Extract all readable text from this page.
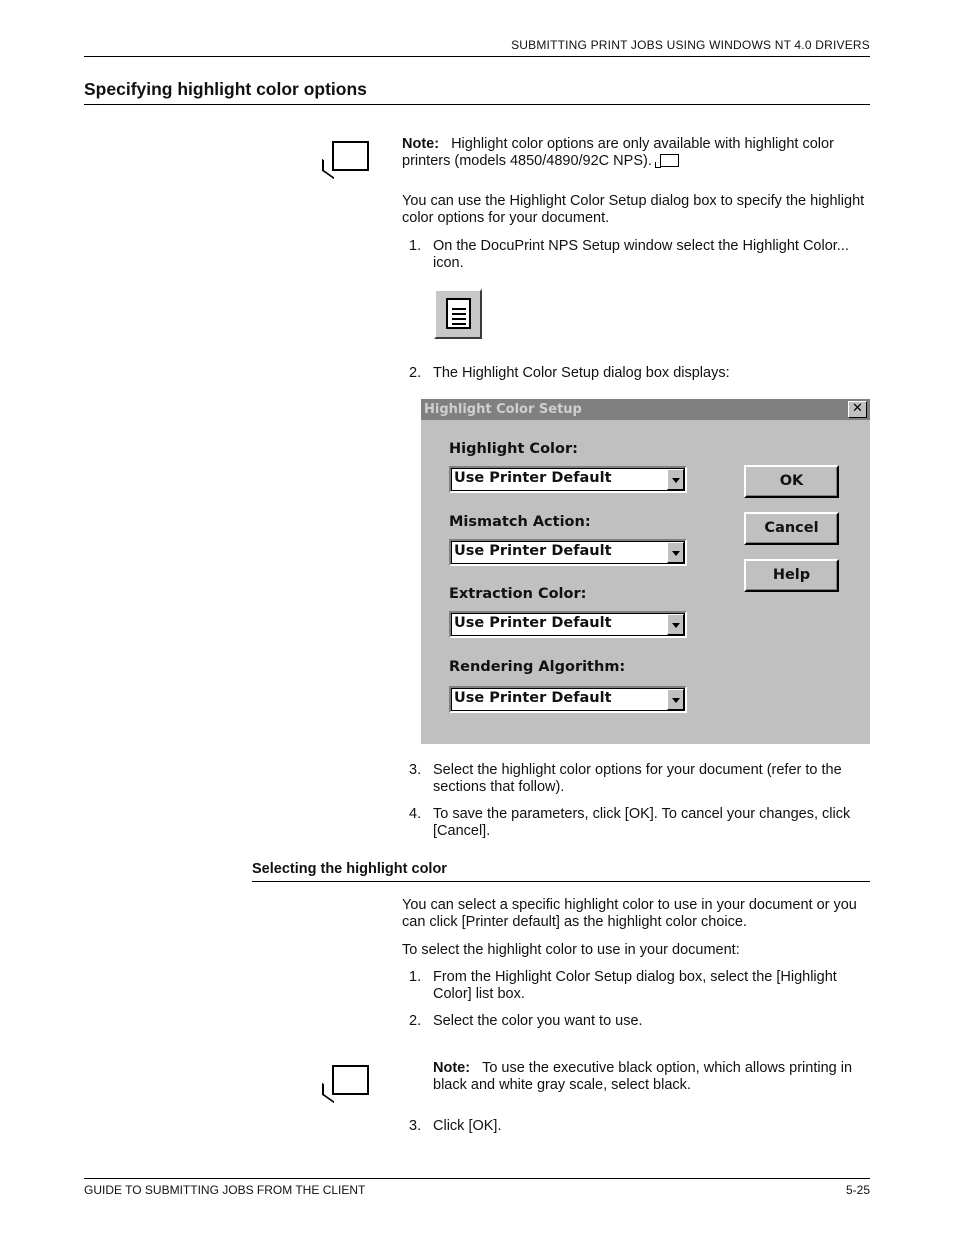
SUBMITTING PRINT JOBS USING WINDOWS NT 4.0 DRIVERS
Specifying highlight color options
Note: Highlight color options are only available with highlight color printers (models 4850/4890/92C NPS).
You can use the Highlight Color Setup dialog box to specify the highlight color options for your document.
1. On the DocuPrint NPS Setup window select the Highlight Color... icon.
2. The Highlight Color Setup dialog box displays:
Highlight Color Setup	✕
Highlight Color:
Use Printer Default
Mismatch Action:
Use Printer Default
Extraction Color:
Use Printer Default
Rendering Algorithm:
Use Printer Default
OK
Cancel
Help
3. Select the highlight color options for your document (refer to the sections that follow).
4. To save the parameters, click [OK]. To cancel your changes, click [Cancel].
Selecting the highlight color
You can select a specific highlight color to use in your document or you can click [Printer default] as the highlight color choice.
To select the highlight color to use in your document:
1. From the Highlight Color Setup dialog box, select the [Highlight Color] list box.
2. Select the color you want to use.
Note: To use the executive black option, which allows printing in black and white gray scale, select black.
3. Click [OK].
GUIDE TO SUBMITTING JOBS FROM THE CLIENT	5-25
